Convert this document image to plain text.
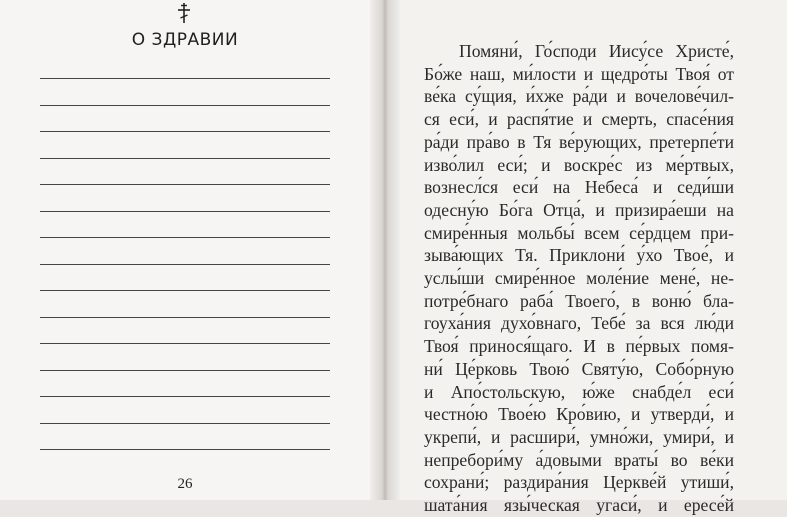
О ЗДРАВИИ
26
Помяни́, Го́споди Иису́се Христе́,
Бо́же наш, ми́лости и щедро́ты Твоя́ от
ве́ка су́щия, и́хже ра́ди и вочелове́чил-
ся еси́, и распя́тие и смерть, спасе́ния
ра́ди пра́во в Тя ве́рующих, претерпе́ти
изво́лил еси́; и воскре́с из ме́ртвых,
вознесл́ся еси́ на Небеса́ и седи́ши
одесну́ю Бо́га Отца́, и призира́еши на
смире́нныя мольбы́ всем се́рдцем при-
зыва́ющих Тя. Приклони́ у́хо Твое́, и
услы́ши смире́нное моле́ние мене́, не-
потре́бнаго раба́ Твоего́, в воню́ бла-
гоуха́ния духо́внаго, Тебе́ за вся лю́ди
Твоя́ принося́щаго. И в пе́рвых помя-
ни́ Це́рковь Твою́ Святу́ю, Собо́рную
и Апо́стольскую, ю́же снабде́л еси́
честно́ю Твое́ю Кро́вию, и утверди́, и
укрепи́, и расшири́, умно́жи, умири́, и
непребори́му а́довыми враты́ во ве́ки
сохрани́; раздира́ния Церкве́й утиши́,
шата́ния язы́ческая угаси́, и ересе́й
